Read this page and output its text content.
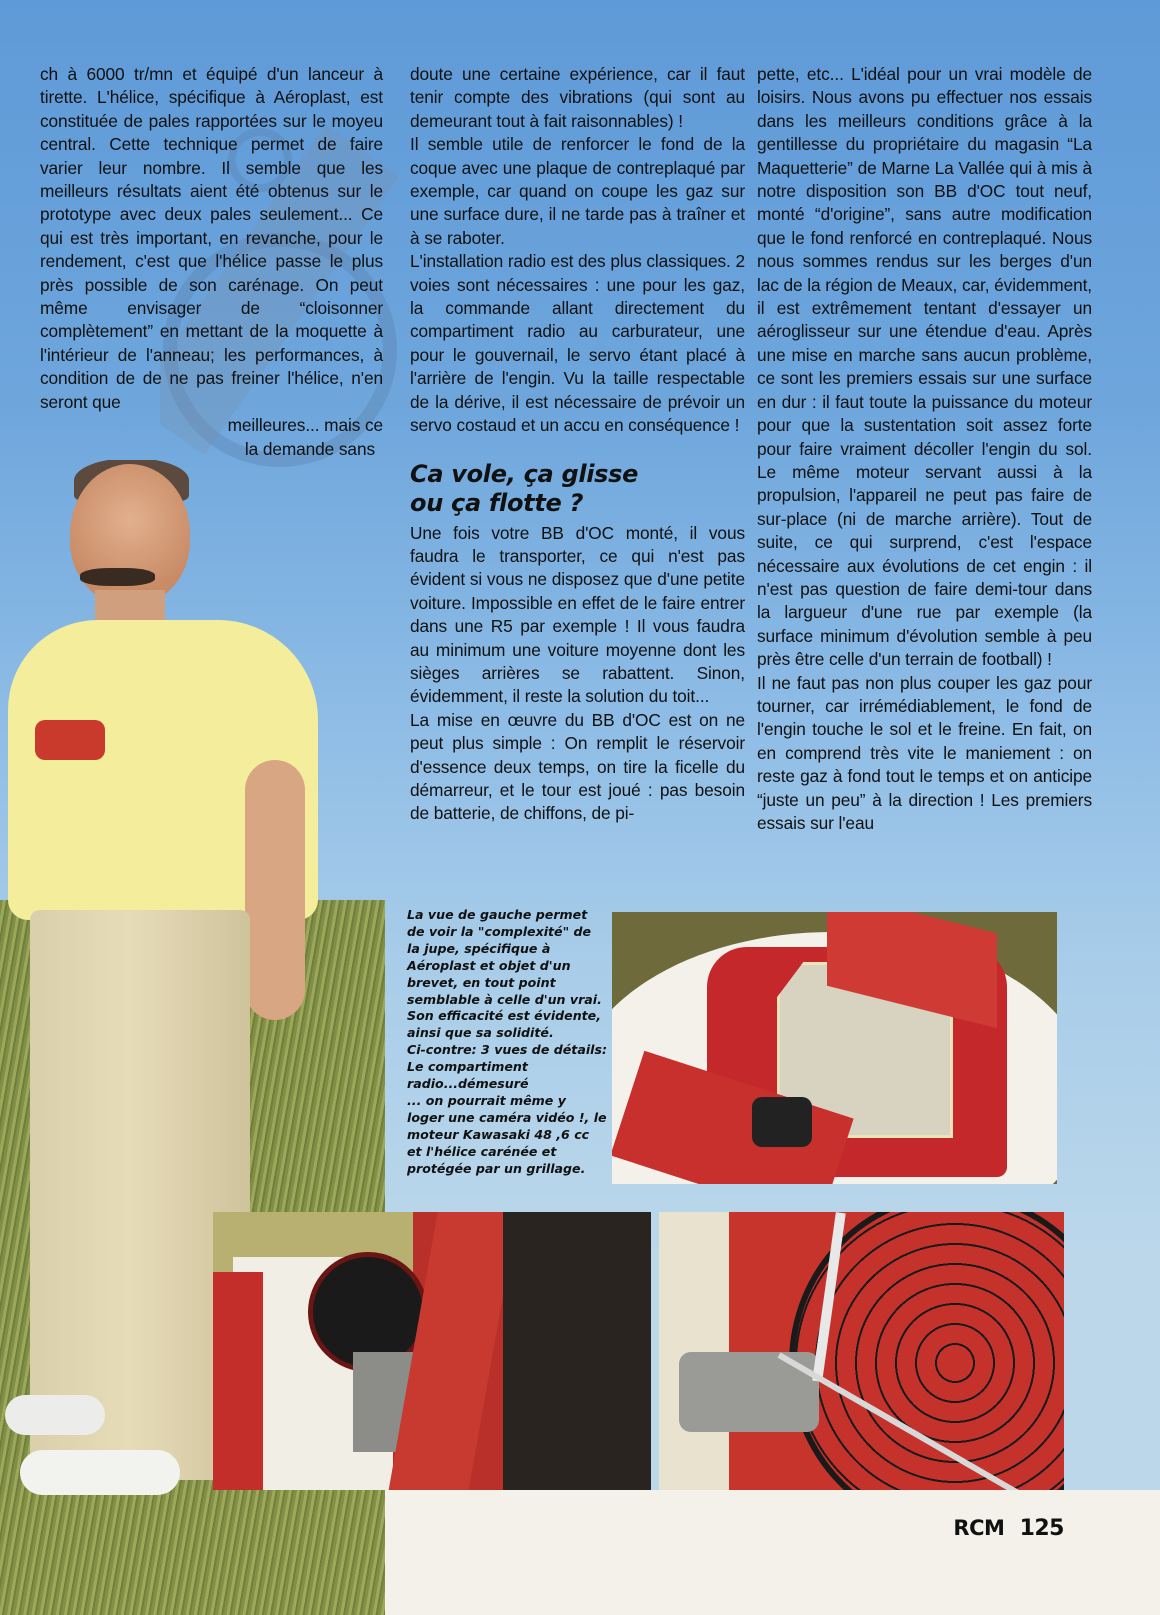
ch à 6000 tr/mn et équipé d'un lanceur à tirette. L'hélice, spécifique à Aéroplast, est constituée de pales rapportées sur le moyeu central. Cette technique permet de faire varier leur nombre. Il semble que les meilleurs résultats aient été obtenus sur le prototype avec deux pales seulement... Ce qui est très important, en revanche, pour le rendement, c'est que l'hélice passe le plus près possible de son carénage. On peut même envisager de “cloisonner complètement” en mettant de la moquette à l'intérieur de l'anneau; les performances, à condition de de ne pas freiner l'hélice, n'en seront que

meilleures... mais ce

la demande sans

doute une certaine expérience, car il faut tenir compte des vibrations (qui sont au demeurant tout à fait raisonnables) !

Il semble utile de renforcer le fond de la coque avec une plaque de contreplaqué par exemple, car quand on coupe les gaz sur une surface dure, il ne tarde pas à traîner et à se raboter.

L'installation radio est des plus classiques. 2 voies sont nécessaires : une pour les gaz, la commande allant directement du compartiment radio au carburateur, une pour le gouvernail, le servo étant placé à l'arrière de l'engin. Vu la taille respectable de la dérive, il est nécessaire de prévoir un servo costaud et un accu en conséquence !

Ca vole, ça glisse
ou ça flotte ?

Une fois votre BB d'OC monté, il vous faudra le transporter, ce qui n'est pas évident si vous ne disposez que d'une petite voiture. Impossible en effet de le faire entrer dans une R5 par exemple ! Il vous faudra au minimum une voiture moyenne dont les sièges arrières se rabattent. Sinon, évidemment, il reste la solution du toit...

La mise en œuvre du BB d'OC est on ne peut plus simple : On remplit le réservoir d'essence deux temps, on tire la ficelle du démarreur, et le tour est joué : pas besoin de batterie, de chiffons, de pi-

pette, etc... L'idéal pour un vrai modèle de loisirs. Nous avons pu effectuer nos essais dans les meilleurs conditions grâce à la gentillesse du propriétaire du magasin “La Maquetterie” de Marne La Vallée qui à mis à notre disposition son BB d'OC tout neuf, monté “d'origine”, sans autre modification que le fond renforcé en contreplaqué. Nous nous sommes rendus sur les berges d'un lac de la région de Meaux, car, évidemment, il est extrêmement tentant d'essayer un aéroglisseur sur une étendue d'eau. Après une mise en marche sans aucun problème, ce sont les premiers essais sur une surface en dur : il faut toute la puissance du moteur pour que la sustentation soit assez forte pour faire vraiment décoller l'engin du sol. Le même moteur servant aussi à la propulsion, l'appareil ne peut pas faire de sur-place (ni de marche arrière). Tout de suite, ce qui surprend, c'est l'espace nécessaire aux évolutions de cet engin : il n'est pas question de faire demi-tour dans la largueur d'une rue par exemple (la surface minimum d'évolution semble à peu près être celle d'un terrain de football) !

Il ne faut pas non plus couper les gaz pour tourner, car irrémédiablement, le fond de l'engin touche le sol et le freine. En fait, on en comprend très vite le maniement : on reste gaz à fond tout le temps et on anticipe “juste un peu” à la direction ! Les premiers essais sur l'eau

La vue de gauche permet de voir la "complexité" de la jupe, spécifique à Aéroplast et objet d'un brevet, en tout point semblable à celle d'un vrai. Son efficacité est évidente, ainsi que sa solidité.

Ci-contre: 3 vues de détails: Le compartiment radio...démesuré

... on pourrait même y loger une caméra vidéo !, le moteur Kawasaki 48 ,6 cc et l'hélice carénée et protégée par un grillage.

RCM 125
